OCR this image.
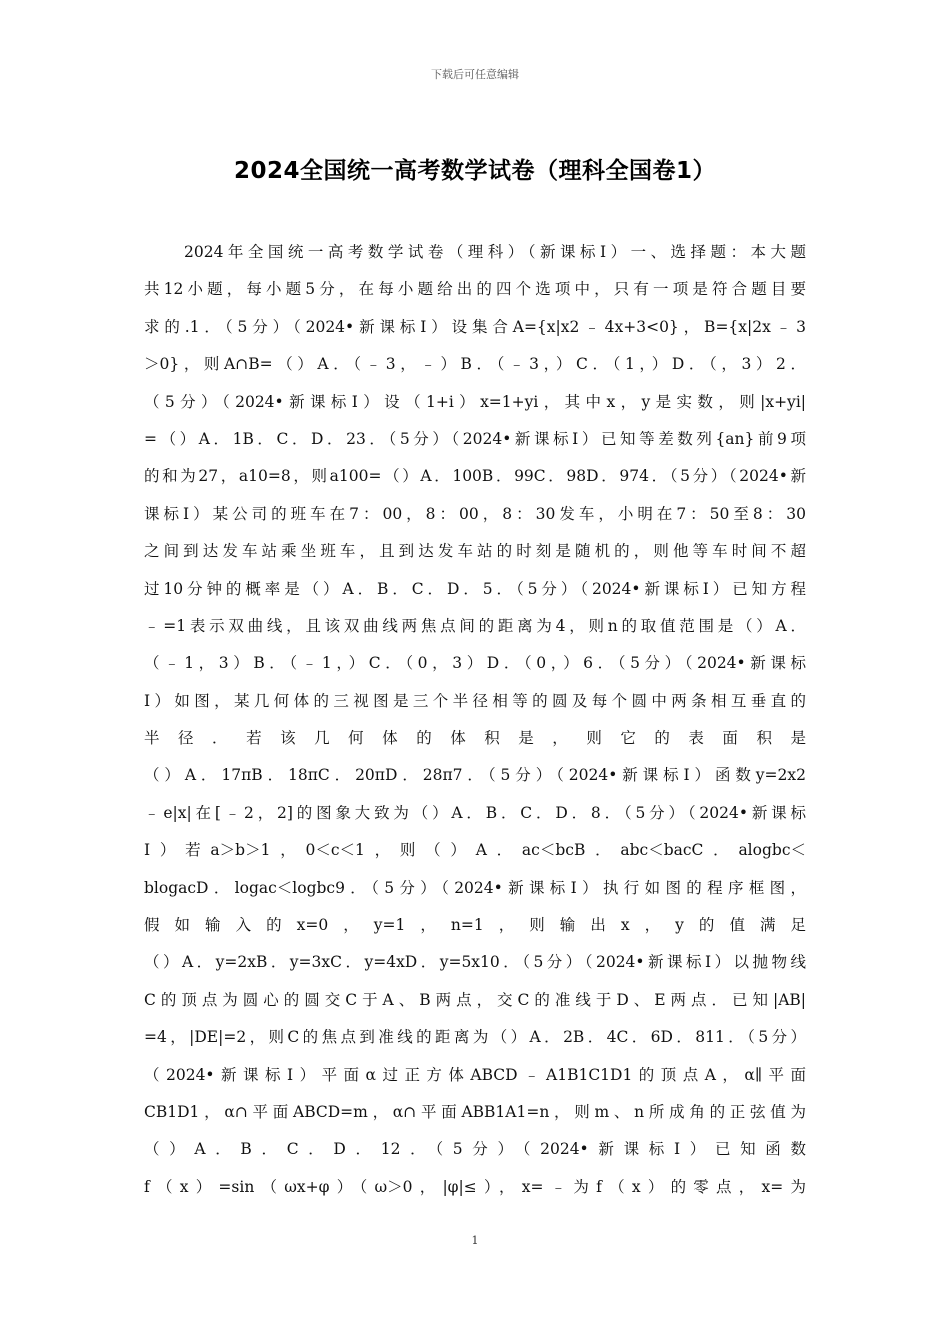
下载后可任意编辑
2024全国统一高考数学试卷（理科全国卷1）
2024年全国统一高考数学试卷（理科）（新课标Ⅰ）一、选择题：本大题
共12小题，每小题5分，在每小题给出的四个选项中，只有一项是符合题目要
求的.1．（5分）（2024•新课标Ⅰ）设集合A={x|x2﹣4x+3<0}，B={x|2x﹣3
＞0}，则A∩B=（）A．（﹣3，﹣）B．（﹣3，）C．（1，）D．（，3）2．
（5分）（2024•新课标Ⅰ）设（1+i）x=1+yi，其中x，y是实数，则|x+yi|
=（）A．1B．C．D．23．（5分）（2024•新课标Ⅰ）已知等差数列{an}前9项
的和为27，a10=8，则a100=（）A．100B．99C．98D．974．（5分）（2024•新
课标Ⅰ）某公司的班车在7：00，8：00，8：30发车，小明在7：50至8：30
之间到达发车站乘坐班车，且到达发车站的时刻是随机的，则他等车时间不超
过10分钟的概率是（）A．B．C．D．5．（5分）（2024•新课标Ⅰ）已知方程
﹣=1表示双曲线，且该双曲线两焦点间的距离为4，则n的取值范围是（）A．
（﹣1，3）B．（﹣1，）C．（0，3）D．（0，）6．（5分）（2024•新课标
Ⅰ）如图，某几何体的三视图是三个半径相等的圆及每个圆中两条相互垂直的
半径．若该几何体的体积是，则它的表面积是
（）A．17πB．18πC．20πD．28π7．（5分）（2024•新课标Ⅰ）函数y=2x2
﹣e|x|在[﹣2，2]的图象大致为（）A．B．C．D．8．（5分）（2024•新课标
Ⅰ）若a＞b＞1，0＜c＜1，则（）A．ac＜bcB．abc＜bacC．alogbc＜
blogacD．logac＜logbc9．（5分）（2024•新课标Ⅰ）执行如图的程序框图，
假如输入的x=0，y=1，n=1，则输出x，y的值满足
（）A．y=2xB．y=3xC．y=4xD．y=5x10．（5分）（2024•新课标Ⅰ）以抛物线
C的顶点为圆心的圆交C于A、B两点，交C的准线于D、E两点．已知|AB|
=4，|DE|=2，则C的焦点到准线的距离为（）A．2B．4C．6D．811．（5分）
（2024•新课标Ⅰ）平面α过正方体ABCD﹣A1B1C1D1的顶点A，α∥平面
CB1D1，α∩平面ABCD=m，α∩平面ABB1A1=n，则m、n所成角的正弦值为
（）A．B．C．D．12．（5分）（2024•新课标Ⅰ）已知函数
f（x）=sin（ωx+φ）（ω＞0，|φ|≤），x=﹣为f（x）的零点，x=为
1
